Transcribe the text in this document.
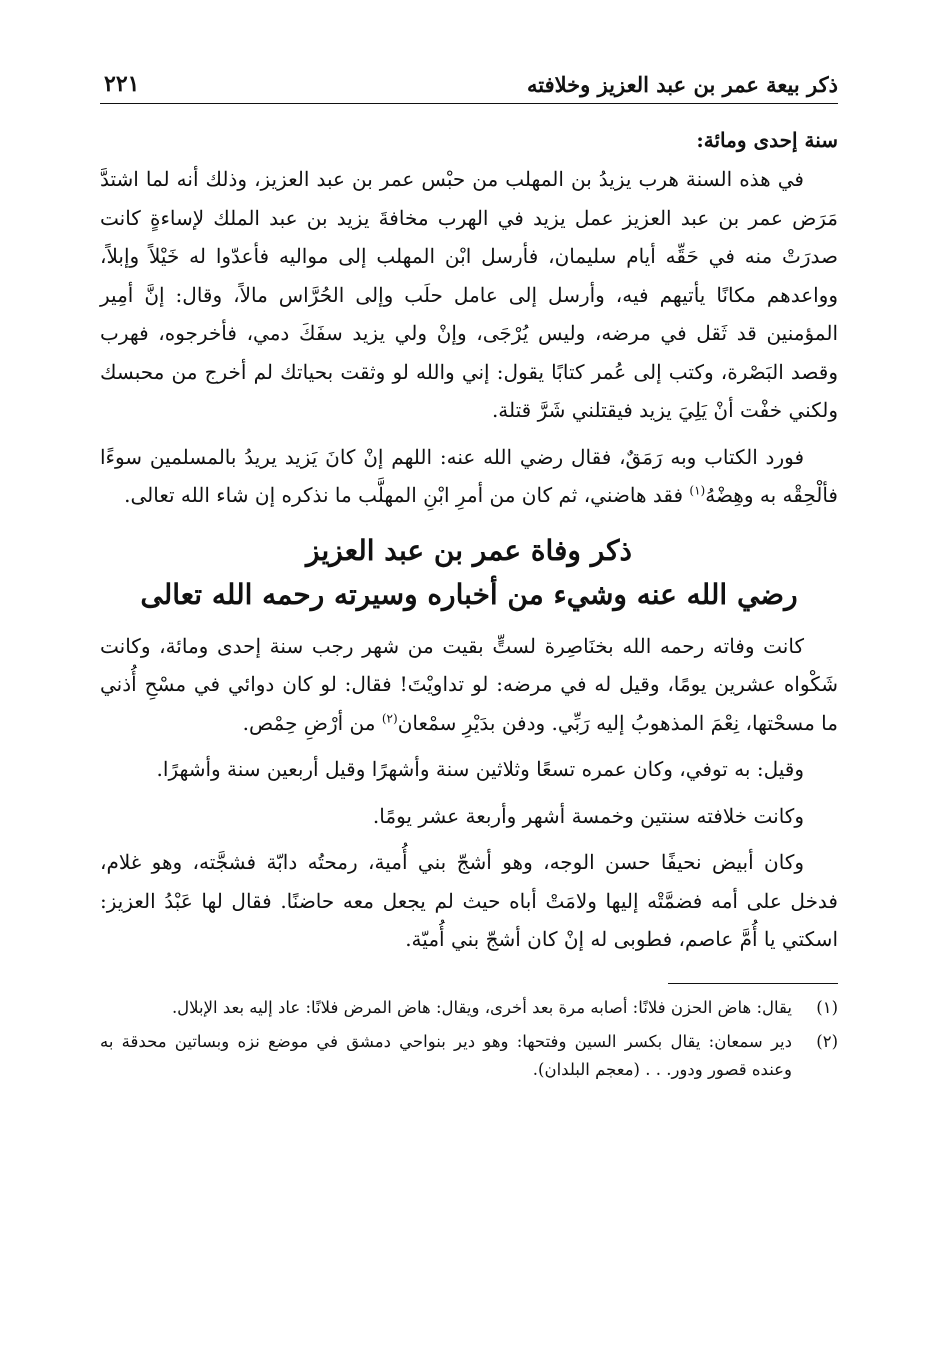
ذكر بيعة عمر بن عبد العزيز وخلافته
٢٢١
سنة إحدى ومائة:

في هذه السنة هرب يزيدُ بن المهلب من حبْس عمر بن عبد العزيز، وذلك أنه لما اشتدَّ مَرَض عمر بن عبد العزيز عمل يزيد في الهرب مخافةَ يزيد بن عبد الملك لإساءةٍ كانت صدرَتْ منه في حَقِّه أيام سليمان، فأرسل ابْن المهلب إلى مواليه فأعدّوا له خَيْلاً وإبلاً، وواعدهم مكانًا يأتيهم فيه، وأرسل إلى عامل حلَب وإلى الحُرَّاس مالاً، وقال: إنَّ أمِير المؤمنين قد ثَقل في مرضه، وليس يُرْجَى، وإنْ ولي يزيد سفَكَ دمي، فأخرجوه، فهرب وقصد البَصْرة، وكتب إلى عُمر كتابًا يقول: إني والله لو وثقت بحياتك لم أخرج من محبسك ولكني خفْت أنْ يَلِيَ يزيد فيقتلني شَرَّ قتلة.

فورد الكتاب وبه رَمَقٌ، فقال رضي الله عنه: اللهم إنْ كانَ يَزيد يريدُ بالمسلمين سوءًا فألْحِقْه به وهِضْهُ$^{(١)}$ فقد هاضني، ثم كان من أمرِ ابْنِ المهلَّب ما نذكره إن شاء الله تعالى.

ذكر وفاة عمر بن عبد العزيز
رضي الله عنه وشيء من أخباره وسيرته رحمه الله تعالى

كانت وفاته رحمه الله بخنَاصِرة لستٍّ بقيت من شهر رجب سنة إحدى ومائة، وكانت شَكْواه عشرين يومًا، وقيل له في مرضه: لو تداويْتَ! فقال: لو كان دوائي في مسْحِ أُذني ما مسحْتها، نِعْمَ المذهوبُ إليه رَبِّي. ودفن بدَيْرِ سمْعان$^{(٢)}$ من أرْضِ حِمْص.

وقيل: به توفي، وكان عمره تسعًا وثلاثين سنة وأشهرًا وقيل أربعين سنة وأشهرًا.

وكانت خلافته سنتين وخمسة أشهر وأربعة عشر يومًا.

وكان أبيض نحيفًا حسن الوجه، وهو أشجّ بني أُمية، رمحتُه دابّة فشجَّته، وهو غلام، فدخل على أمه فضمَّتْه إليها ولامَتْ أباه حيث لم يجعل معه حاضنًا. فقال لها عَبْدُ العزيز: اسكتي يا أُمَّ عاصم، فطوبى له إنْ كان أشجّ بني أُميّة.

(١)
يقال: هاض الحزن فلانًا: أصابه مرة بعد أخرى، ويقال: هاض المرض فلانًا: عاد إليه بعد الإبلال.
(٢)
دير سمعان: يقال بكسر السين وفتحها: وهو دير بنواحي دمشق في موضع نزه وبساتين محدقة به وعنده قصور ودور. . . (معجم البلدان).
